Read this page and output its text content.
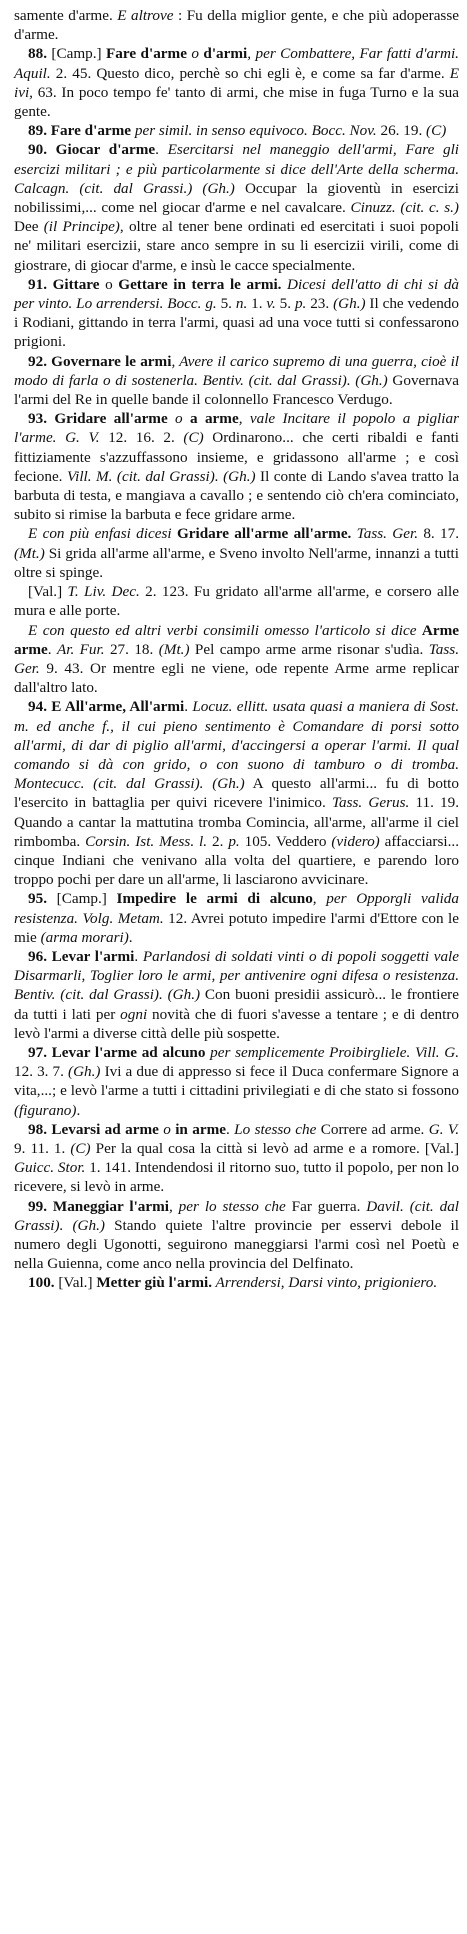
samente d'arme. E altrove : Fu della miglior gente, e che più adoperasse d'arme.

88. [Camp.] Fare d'arme o d'armi, per Combattere, Far fatti d'armi. Aquil. 2. 45. Questo dico, perchè so chi egli è, e come sa far d'arme. E ivi, 63. In poco tempo fe' tanto di armi, che mise in fuga Turno e la sua gente.

89. Fare d'arme per simil. in senso equivoco. Bocc. Nov. 26. 19. (C)

90. Giocar d'arme. Esercitarsi nel maneggio dell'armi, Fare gli esercizi militari ; e più particolarmente si dice dell'Arte della scherma. Calcagn. (cit. dal Grassi.) (Gh.) Occupar la gioventù in esercizi nobilissimi,... come nel giocar d'arme e nel cavalcare. Cinuzz. (cit. c. s.) Dee (il Principe), oltre al tener bene ordinati ed esercitati i suoi popoli ne' militari esercizii, stare anco sempre in su li esercizii virili, come di giostrare, di giocar d'arme, e insù le cacce specialmente.

91. Gittare o Gettare in terra le armi. Dicesi dell'atto di chi si dà per vinto. Lo arrendersi. Bocc. g. 5. n. 1. v. 5. p. 23. (Gh.) Il che vedendo i Rodiani, gittando in terra l'armi, quasi ad una voce tutti si confessarono prigioni.

92. Governare le armi, Avere il carico supremo di una guerra, cioè il modo di farla o di sostenerla. Bentiv. (cit. dal Grassi). (Gh.) Governava l'armi del Re in quelle bande il colonnello Francesco Verdugo.

93. Gridare all'arme o a arme, vale Incitare il popolo a pigliar l'arme. G. V. 12. 16. 2. (C) Ordinarono... che certi ribaldi e fanti fittiziamente s'azzuffassono insieme, e gridassono all'arme ; e così fecione. Vill. M. (cit. dal Grassi). (Gh.) Il conte di Lando s'avea tratto la barbuta di testa, e mangiava a cavallo ; e sentendo ciò ch'era cominciato, subito si rimise la barbuta e fece gridare arme.

E con più enfasi dicesi Gridare all'arme all'arme. Tass. Ger. 8. 17. (Mt.) Si grida all'arme all'arme, e Sveno involto Nell'arme, innanzi a tutti oltre si spinge.

[Val.] T. Liv. Dec. 2. 123. Fu gridato all'arme all'arme, e corsero alle mura e alle porte.

E con questo ed altri verbi consimili omesso l'articolo si dice Arme arme. Ar. Fur. 27. 18. (Mt.) Pel campo arme arme risonar s'udìa. Tass. Ger. 9. 43. Or mentre egli ne viene, ode repente Arme arme replicar dall'altro lato.

94. E All'arme, All'armi. Locuz. ellitt. usata quasi a maniera di Sost. m. ed anche f., il cui pieno sentimento è Comandare di porsi sotto all'armi, di dar di piglio all'armi, d'accingersi a operar l'armi. Il qual comando si dà con grido, o con suono di tamburo o di tromba. Montecucc. (cit. dal Grassi). (Gh.) A questo all'armi... fu di botto l'esercito in battaglia per quivi ricevere l'inimico. Tass. Gerus. 11. 19. Quando a cantar la mattutina tromba Comincia, all'arme, all'arme il ciel rimbomba. Corsin. Ist. Mess. l. 2. p. 105. Veddero (videro) affacciarsi... cinque Indiani che venivano alla volta del quartiere, e parendo loro troppo pochi per dare un all'arme, li lasciarono avvicinare.

95. [Camp.] Impedire le armi di alcuno, per Opporgli valida resistenza. Volg. Metam. 12. Avrei potuto impedire l'armi d'Ettore con le mie (arma morari).

96. Levar l'armi. Parlandosi di soldati vinti o di popoli soggetti vale Disarmarli, Toglier loro le armi, per antivenire ogni difesa o resistenza. Bentiv. (cit. dal Grassi). (Gh.) Con buoni presidii assicurò... le frontiere da tutti i lati per ogni novità che di fuori s'avesse a tentare ; e di dentro levò l'armi a diverse città delle più sospette.

97. Levar l'arme ad alcuno per semplicemente Proibirgliele. Vill. G. 12. 3. 7. (Gh.) Ivi a due di appresso si fece il Duca confermare Signore a vita,...; e levò l'arme a tutti i cittadini privilegiati e di che stato si fossono (figurano).

98. Levarsi ad arme o in arme. Lo stesso che Correre ad arme. G. V. 9. 11. 1. (C) Per la qual cosa la città si levò ad arme e a romore. [Val.] Guicc. Stor. 1. 141. Intendendosi il ritorno suo, tutto il popolo, per non lo ricevere, si levò in arme.

99. Maneggiar l'armi, per lo stesso che Far guerra. Davil. (cit. dal Grassi). (Gh.) Stando quiete l'altre provincie per esservi debole il numero degli Ugonotti, seguirono maneggiarsi l'armi così nel Poetù e nella Guienna, come anco nella provincia del Delfinato.

100. [Val.] Metter giù l'armi. Arrendersi, Darsi vinto, prigioniero.
